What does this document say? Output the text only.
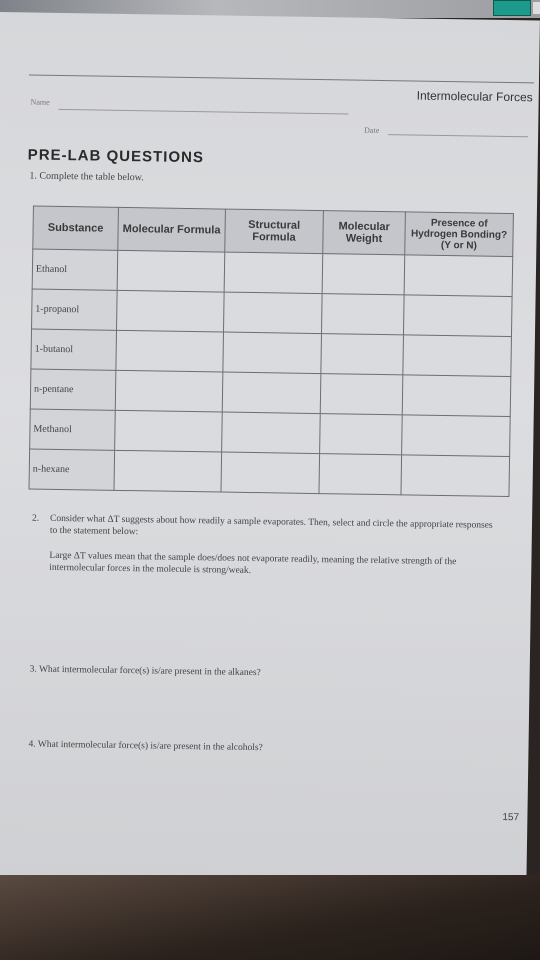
Intermolecular Forces
Name
Date
PRE-LAB QUESTIONS
1. Complete the table below.
Substance	Molecular Formula	Structural Formula	Molecular Weight	Presence of Hydrogen Bonding? (Y or N)
Ethanol				
1-propanol				
1-butanol				
n-pentane				
Methanol				
n-hexane				
2. Consider what ΔT suggests about how readily a sample evaporates. Then, select and circle the appropriate responses to the statement below:
Large ΔT values mean that the sample does/does not evaporate readily, meaning the relative strength of the intermolecular forces in the molecule is strong/weak.
3. What intermolecular force(s) is/are present in the alkanes?
4. What intermolecular force(s) is/are present in the alcohols?
157
